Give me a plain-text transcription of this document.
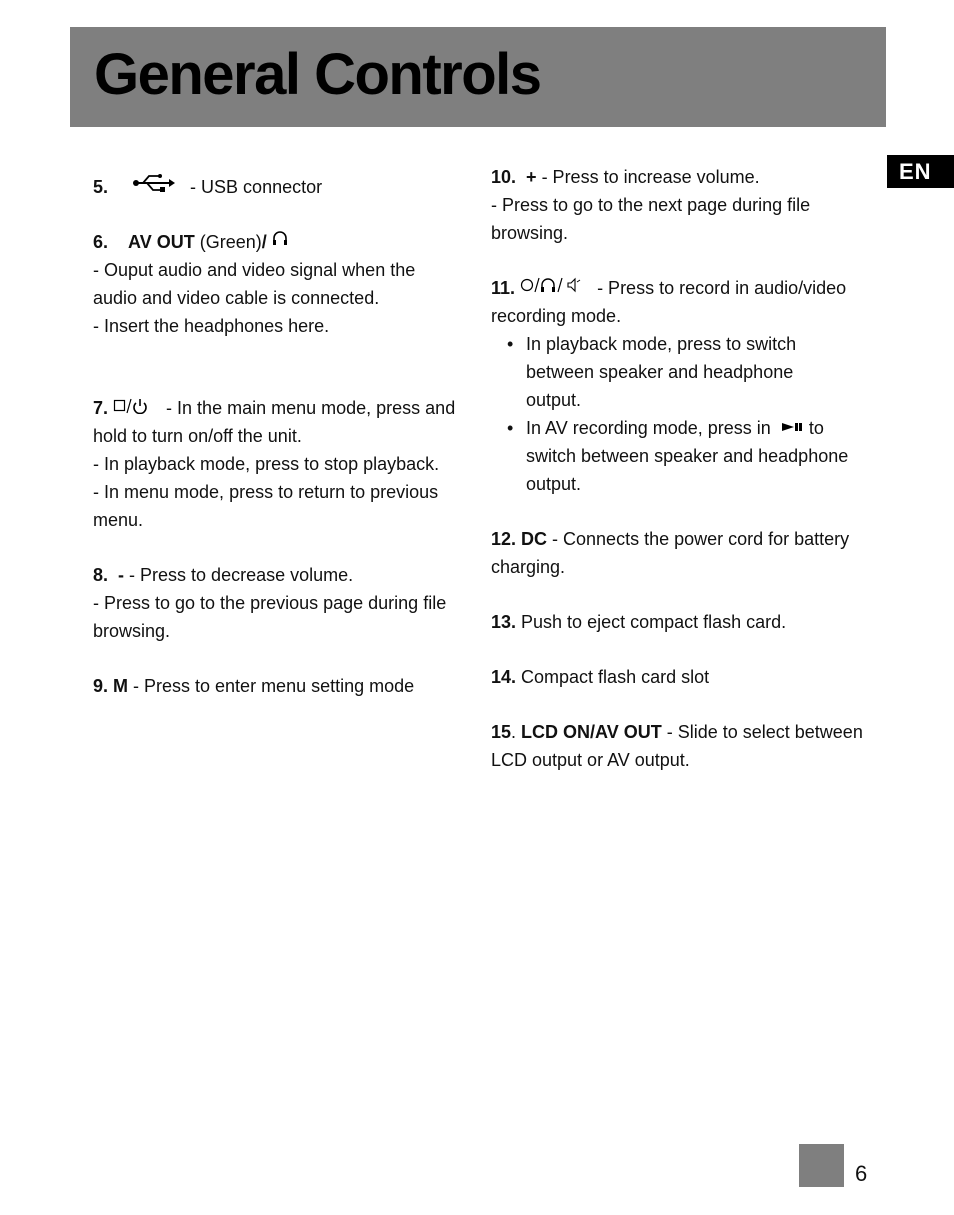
General Controls
EN
5.	- USB connector
6. AV OUT (Green)/
- Ouput audio and video signal when the
audio and video cable is connected.
- Insert the headphones here.
7.	- In the main menu mode, press and
hold to turn on/off the unit.
- In playback mode, press to stop playback.
- In menu mode, press to return to previous
menu.
8. - - Press to decrease volume.
- Press to go to the previous page during file
browsing.
9. M - Press to enter menu setting mode
10. + - Press to increase volume.
- Press to go to the next page during file
browsing.
11.	- Press to record in audio/video
recording mode.
• In playback mode, press to switch
between speaker and headphone
output.
• In AV recording mode, press in
to
switch between speaker and headphone
output.
12. DC - Connects the power cord for battery
charging.
13. Push to eject compact flash card.
14. Compact flash card slot
15. LCD ON/AV OUT - Slide to select between
LCD output or AV output.
6
